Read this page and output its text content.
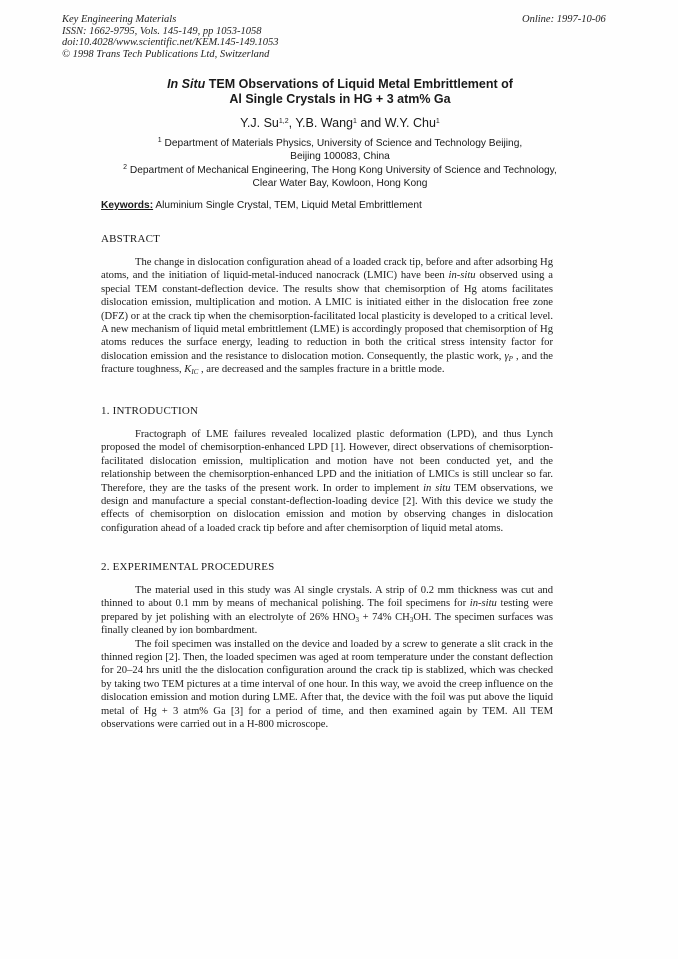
Key Engineering Materials
ISSN: 1662-9795, Vols. 145-149, pp 1053-1058
doi:10.4028/www.scientific.net/KEM.145-149.1053
© 1998 Trans Tech Publications Ltd, Switzerland
Online: 1997-10-06
In Situ TEM Observations of Liquid Metal Embrittlement of
Al Single Crystals in HG + 3 atm% Ga
Y.J. Su$^{1,2}$, Y.B. Wang$^1$ and W.Y. Chu$^1$
$^1$ Department of Materials Physics, University of Science and Technology Beijing,
Beijing 100083, China
$^2$ Department of Mechanical Engineering, The Hong Kong University of Science and Technology,
Clear Water Bay, Kowloon, Hong Kong
Keywords: Aluminium Single Crystal, TEM, Liquid Metal Embrittlement
ABSTRACT

The change in dislocation configuration ahead of a loaded crack tip, before and after adsorbing Hg atoms, and the initiation of liquid-metal-induced nanocrack (LMIC) have been in-situ observed using a special TEM constant-deflection device. The results show that chemisorption of Hg atoms facilitates dislocation emission, multiplication and motion. A LMIC is initiated either in the dislocation free zone (DFZ) or at the crack tip when the chemisorption-facilitated local plasticity is developed to a critical level. A new mechanism of liquid metal embrittlement (LME) is accordingly proposed that chemisorption of Hg atoms reduces the surface energy, leading to reduction in both the critical stress intensity factor for dislocation emission and the resistance to dislocation motion. Consequently, the plastic work, $\gamma_P$ , and the fracture toughness, $K_{IC}$ , are decreased and the samples fracture in a brittle mode.

1. INTRODUCTION

Fractograph of LME failures revealed localized plastic deformation (LPD), and thus Lynch proposed the model of chemisorption-enhanced LPD [1]. However, direct observations of chemisorption-facilitated dislocation emission, multiplication and motion have not been conducted yet, and the relationship between the chemisorption-enhanced LPD and the initiation of LMICs is still unclear so far. Therefore, they are the tasks of the present work. In order to implement in situ TEM observations, we design and manufacture a special constant-deflection-loading device [2]. With this device we study the effects of chemisorption on dislocation emission and motion by observing changes in dislocation configuration ahead of a loaded crack tip before and after chemisorption of liquid metal atoms.

2. EXPERIMENTAL PROCEDURES

The material used in this study was Al single crystals. A strip of 0.2 mm thickness was cut and thinned to about 0.1 mm by means of mechanical polishing. The foil specimens for in-situ testing were prepared by jet polishing with an electrolyte of 26% $HNO_3 + 74\%$ $CH_3OH$. The specimen surfaces was finally cleaned by ion bombardment.

The foil specimen was installed on the device and loaded by a screw to generate a slit crack in the thinned region [2]. Then, the loaded specimen was aged at room temperature under the constant deflection for 20–24 hrs unitl the the dislocation configuration around the crack tip is stablized, which was checked by taking two TEM pictures at a time interval of one hour. In this way, we avoid the creep influence on the dislocation emission and motion during LME. After that, the device with the foil was put above the liquid metal of Hg + 3 atm% Ga [3] for a period of time, and then examined again by TEM. All TEM observations were carried out in a H-800 microscope.
